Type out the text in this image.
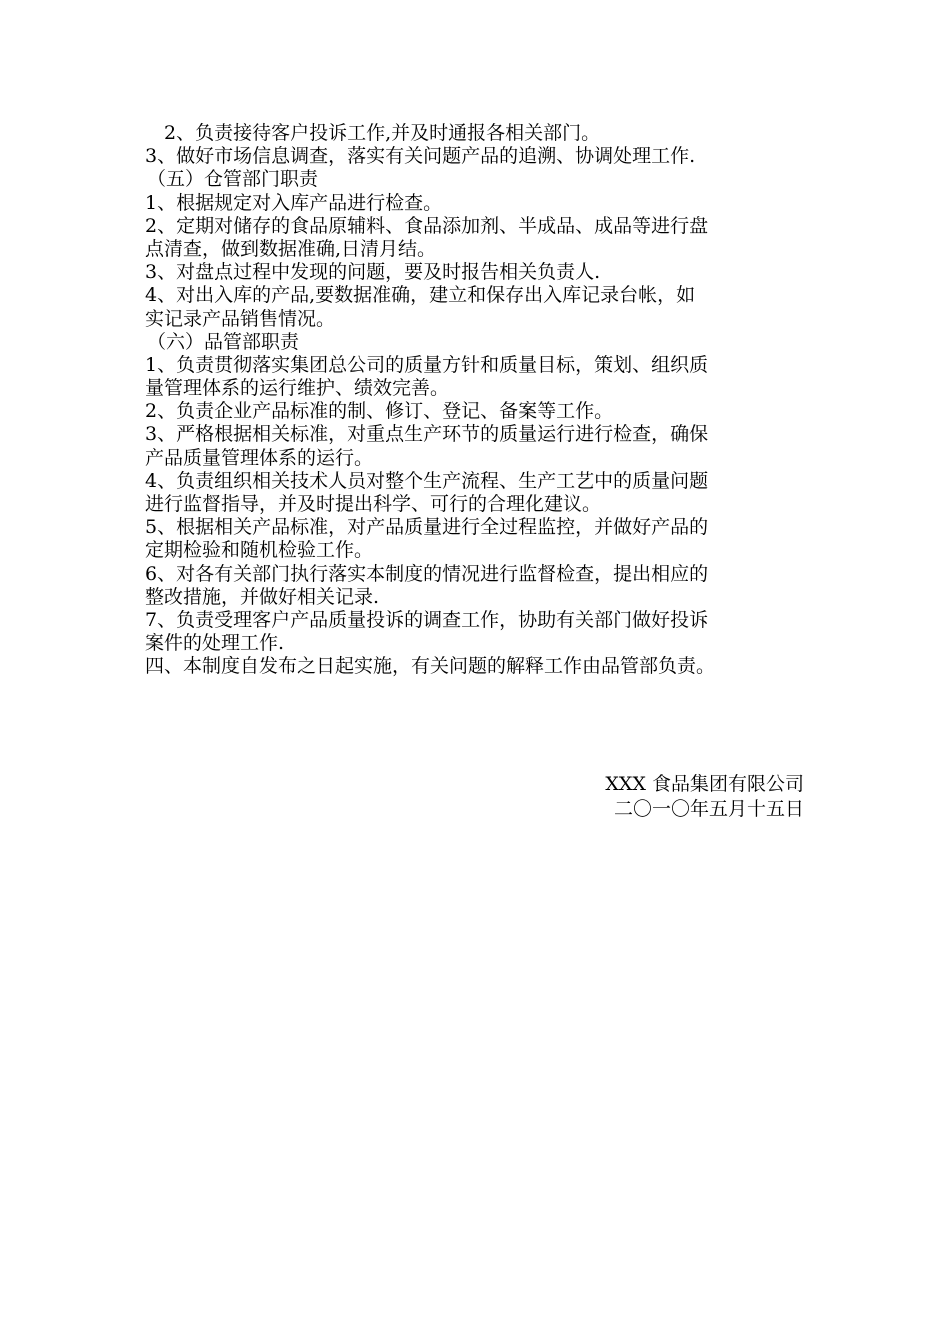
2、负责接待客户投诉工作,并及时通报各相关部门。

3、做好市场信息调查，落实有关问题产品的追溯、协调处理工作.

（五）仓管部门职责

1、根据规定对入库产品进行检查。

2、定期对储存的食品原辅料、食品添加剂、半成品、成品等进行盘

点清查，做到数据准确,日清月结。

3、对盘点过程中发现的问题，要及时报告相关负责人.

4、对出入库的产品,要数据准确，建立和保存出入库记录台帐，如

实记录产品销售情况。

（六）品管部职责

1、负责贯彻落实集团总公司的质量方针和质量目标，策划、组织质

量管理体系的运行维护、绩效完善。

2、负责企业产品标准的制、修订、登记、备案等工作。

3、严格根据相关标准，对重点生产环节的质量运行进行检查，确保

产品质量管理体系的运行。

4、负责组织相关技术人员对整个生产流程、生产工艺中的质量问题

进行监督指导，并及时提出科学、可行的合理化建议。

5、根据相关产品标准，对产品质量进行全过程监控，并做好产品的

定期检验和随机检验工作。

6、对各有关部门执行落实本制度的情况进行监督检查，提出相应的

整改措施，并做好相关记录.

7、负责受理客户产品质量投诉的调查工作，协助有关部门做好投诉

案件的处理工作.

四、本制度自发布之日起实施，有关问题的解释工作由品管部负责。

XXX 食品集团有限公司

二〇一〇年五月十五日
